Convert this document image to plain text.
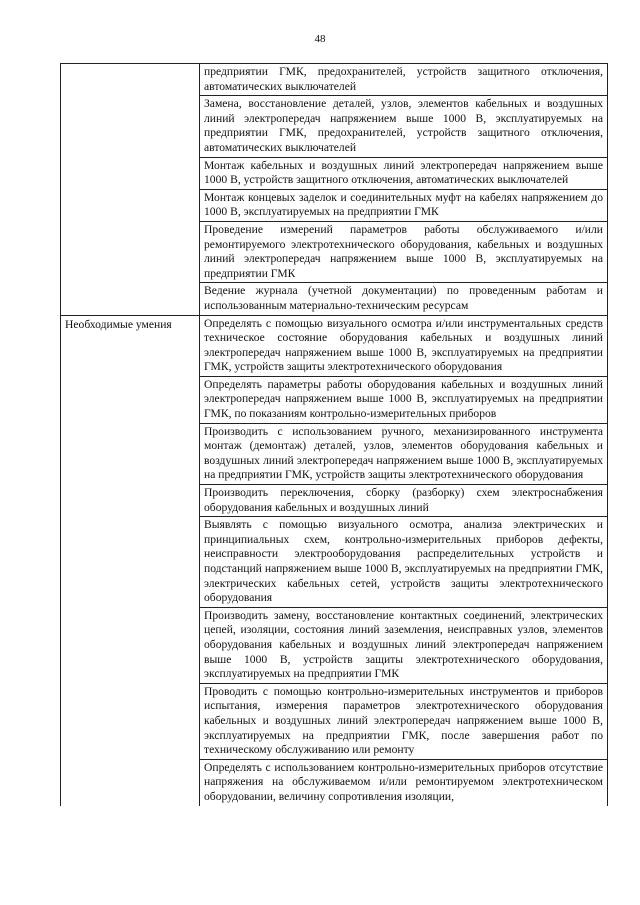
48
	предприятии ГМК, предохранителей, устройств защитного отключения, автоматических выключателей
	Замена, восстановление деталей, узлов, элементов кабельных и воздушных линий электропередач напряжением выше 1000 В, эксплуатируемых на предприятии ГМК, предохранителей, устройств защитного отключения, автоматических выключателей
	Монтаж кабельных и воздушных линий электропередач напряжением выше 1000 В, устройств защитного отключения, автоматических выключателей
	Монтаж концевых заделок и соединительных муфт на кабелях напряжением до 1000 В, эксплуатируемых на предприятии ГМК
	Проведение измерений параметров работы обслуживаемого и/или ремонтируемого электротехнического оборудования, кабельных и воздушных линий электропередач напряжением выше 1000 В, эксплуатируемых на предприятии ГМК
	Ведение журнала (учетной документации) по проведенным работам и использованным материально-техническим ресурсам

Необходимые умения	Определять с помощью визуального осмотра и/или инструментальных средств техническое состояние оборудования кабельных и воздушных линий электропередач напряжением выше 1000 В, эксплуатируемых на предприятии ГМК, устройств защиты электротехнического оборудования
	Определять параметры работы оборудования кабельных и воздушных линий электропередач напряжением выше 1000 В, эксплуатируемых на предприятии ГМК, по показаниям контрольно-измерительных приборов
	Производить с использованием ручного, механизированного инструмента монтаж (демонтаж) деталей, узлов, элементов оборудования кабельных и воздушных линий электропередач напряжением выше 1000 В, эксплуатируемых на предприятии ГМК, устройств защиты электротехнического оборудования
	Производить переключения, сборку (разборку) схем электроснабжения оборудования кабельных и воздушных линий
	Выявлять с помощью визуального осмотра, анализа электрических и принципиальных схем, контрольно-измерительных приборов дефекты, неисправности электрооборудования распределительных устройств и подстанций напряжением выше 1000 В, эксплуатируемых на предприятии ГМК, электрических кабельных сетей, устройств защиты электротехнического оборудования
	Производить замену, восстановление контактных соединений, электрических цепей, изоляции, состояния линий заземления, неисправных узлов, элементов оборудования кабельных и воздушных линий электропередач напряжением выше 1000 В, устройств защиты электротехнического оборудования, эксплуатируемых на предприятии ГМК
	Проводить с помощью контрольно-измерительных инструментов и приборов испытания, измерения параметров электротехнического оборудования кабельных и воздушных линий электропередач напряжением выше 1000 В, эксплуатируемых на предприятии ГМК, после завершения работ по техническому обслуживанию или ремонту
	Определять с использованием контрольно-измерительных приборов отсутствие напряжения на обслуживаемом и/или ремонтируемом электротехническом оборудовании, величину сопротивления изоляции,
